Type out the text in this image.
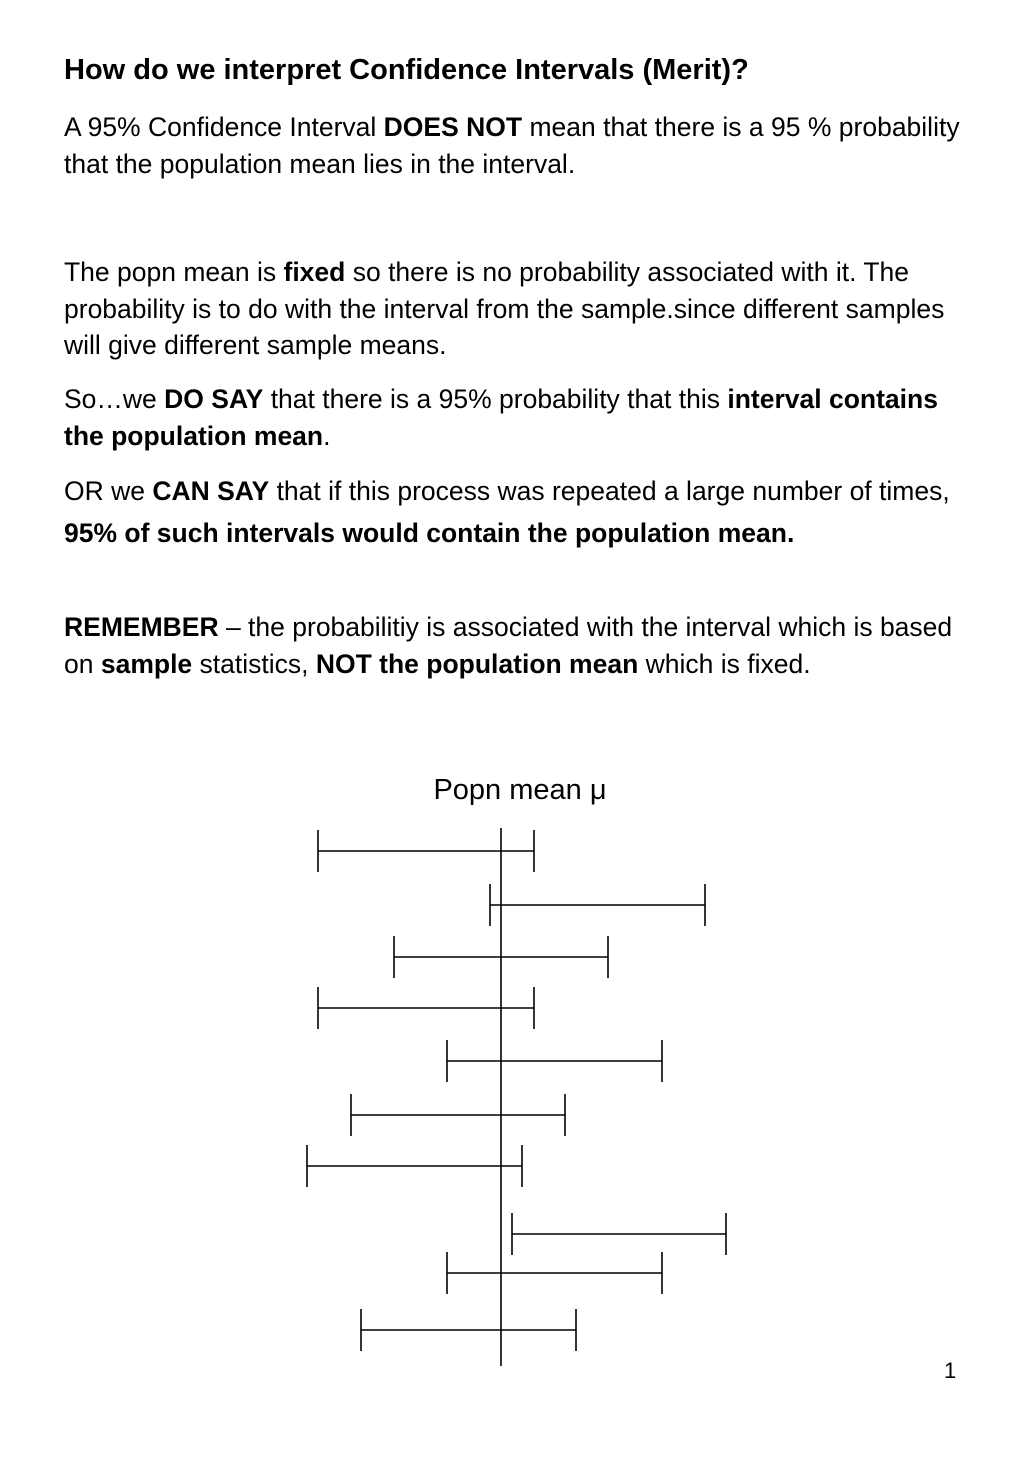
How do we interpret Confidence Intervals (Merit)?

A 95% Confidence Interval DOES NOT mean that there is a 95 % probability that the population mean lies in the interval.

The popn mean is fixed so there is no probability associated with it. The probability is to do with the interval from the sample.since different samples will give different sample means.

So…we DO SAY that there is a 95% probability that this interval contains the population mean.

OR we CAN SAY that if this process was repeated a large number of times, 95% of such intervals would contain the population mean.

REMEMBER – the probabilitiy is associated with the interval which is based on sample statistics, NOT the population mean which is fixed.

Popn mean μ
1
